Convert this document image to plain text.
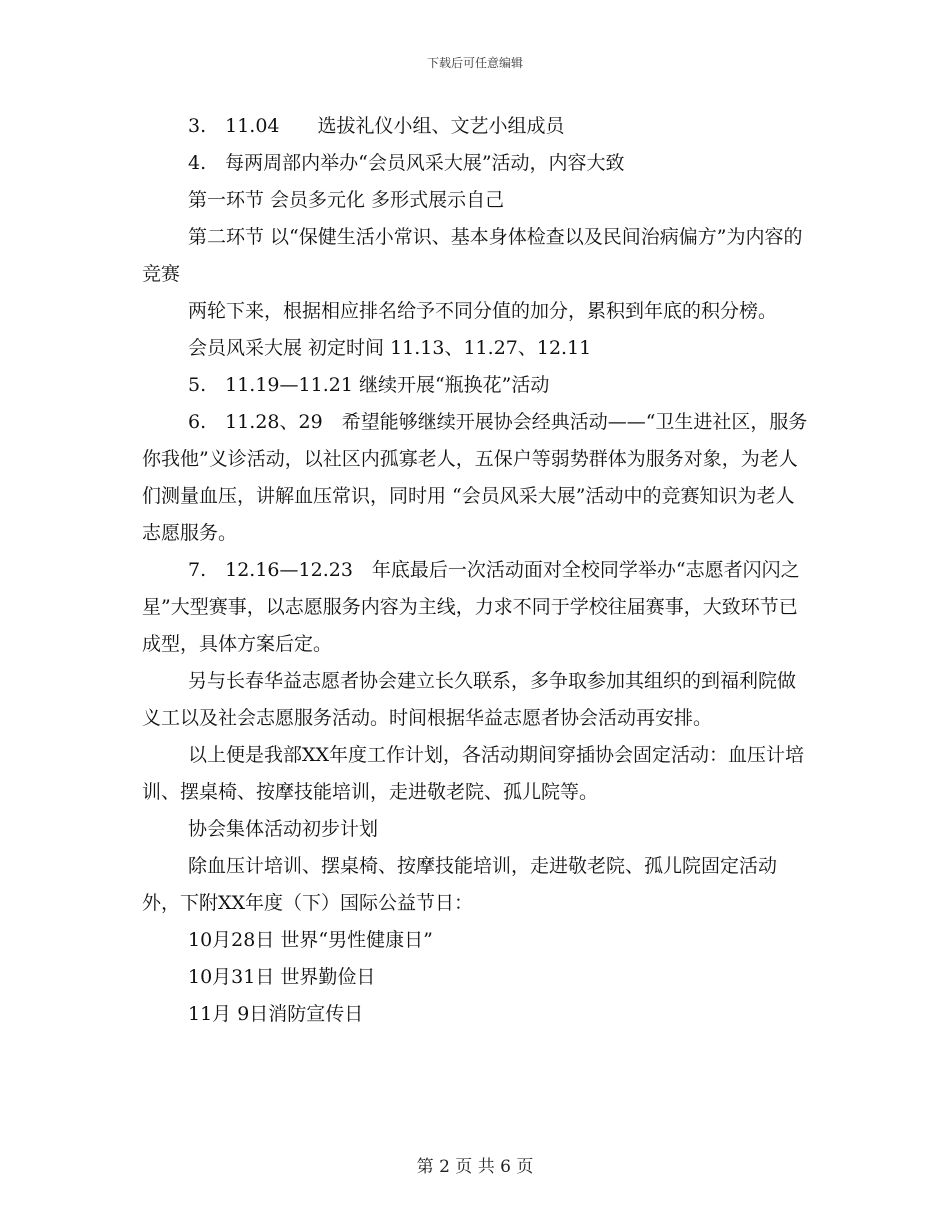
下载后可任意编辑

3.　11.04　　选拔礼仪小组、文艺小组成员

4.　每两周部内举办“会员风采大展”活动，内容大致

第一环节 会员多元化 多形式展示自己

第二环节 以“保健生活小常识、基本身体检查以及民间治病偏方”为内容的竞赛

两轮下来，根据相应排名给予不同分值的加分，累积到年底的积分榜。

会员风采大展 初定时间 11.13、11.27、12.11

5.　11.19—11.21 继续开展“瓶换花”活动

6.　11.28、29　希望能够继续开展协会经典活动——“卫生进社区，服务你我他”义诊活动，以社区内孤寡老人，五保户等弱势群体为服务对象，为老人们测量血压，讲解血压常识，同时用 “会员风采大展”活动中的竞赛知识为老人志愿服务。

7.　12.16—12.23　年底最后一次活动面对全校同学举办“志愿者闪闪之星”大型赛事，以志愿服务内容为主线，力求不同于学校往届赛事，大致环节已成型，具体方案后定。

另与长春华益志愿者协会建立长久联系，多争取参加其组织的到福利院做义工以及社会志愿服务活动。时间根据华益志愿者协会活动再安排。

以上便是我部XX年度工作计划，各活动期间穿插协会固定活动：血压计培训、摆桌椅、按摩技能培训，走进敬老院、孤儿院等。

协会集体活动初步计划

除血压计培训、摆桌椅、按摩技能培训，走进敬老院、孤儿院固定活动外，下附XX年度（下）国际公益节日：

10月28日 世界“男性健康日”

10月31日 世界勤俭日

11月 9日消防宣传日

第 2 页 共 6 页
